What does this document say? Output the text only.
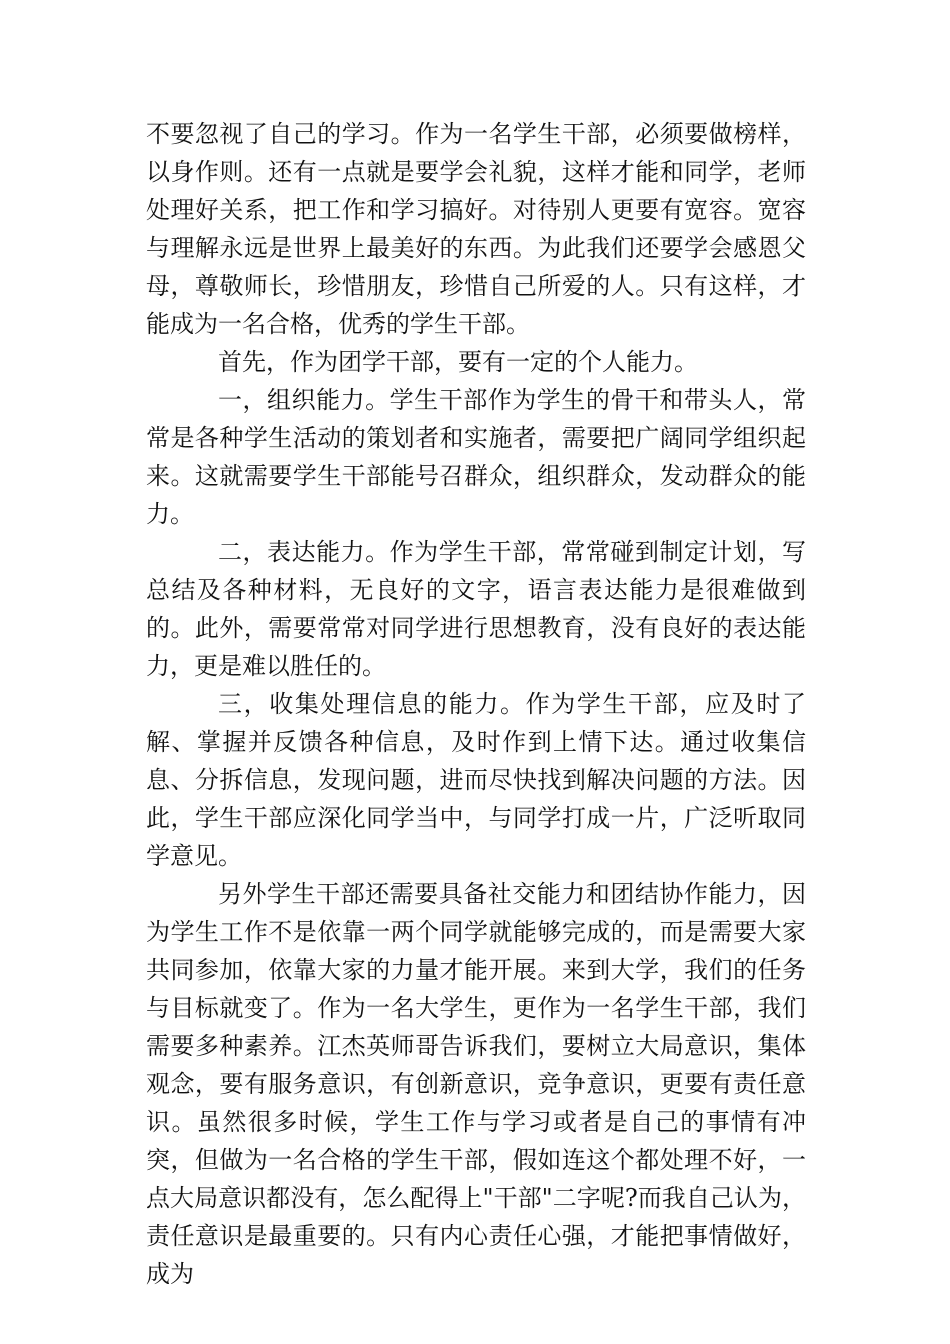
不要忽视了自己的学习。作为一名学生干部，必须要做榜样，以身作则。还有一点就是要学会礼貌，这样才能和同学，老师处理好关系，把工作和学习搞好。对待别人更要有宽容。宽容与理解永远是世界上最美好的东西。为此我们还要学会感恩父母，尊敬师长，珍惜朋友，珍惜自己所爱的人。只有这样，才能成为一名合格，优秀的学生干部。

首先，作为团学干部，要有一定的个人能力。

一，组织能力。学生干部作为学生的骨干和带头人，常常是各种学生活动的策划者和实施者，需要把广阔同学组织起来。这就需要学生干部能号召群众，组织群众，发动群众的能力。

二，表达能力。作为学生干部，常常碰到制定计划，写总结及各种材料，无良好的文字，语言表达能力是很难做到的。此外，需要常常对同学进行思想教育，没有良好的表达能力，更是难以胜任的。

三，收集处理信息的能力。作为学生干部，应及时了解、掌握并反馈各种信息，及时作到上情下达。通过收集信息、分拆信息，发现问题，进而尽快找到解决问题的方法。因此，学生干部应深化同学当中，与同学打成一片，广泛听取同学意见。

另外学生干部还需要具备社交能力和团结协作能力，因为学生工作不是依靠一两个同学就能够完成的，而是需要大家共同参加，依靠大家的力量才能开展。来到大学，我们的任务与目标就变了。作为一名大学生，更作为一名学生干部，我们需要多种素养。江杰英师哥告诉我们，要树立大局意识，集体观念，要有服务意识，有创新意识，竞争意识，更要有责任意识。虽然很多时候，学生工作与学习或者是自己的事情有冲突，但做为一名合格的学生干部，假如连这个都处理不好，一点大局意识都没有，怎么配得上"干部"二字呢?而我自己认为，责任意识是最重要的。只有内心责任心强，才能把事情做好，成为
